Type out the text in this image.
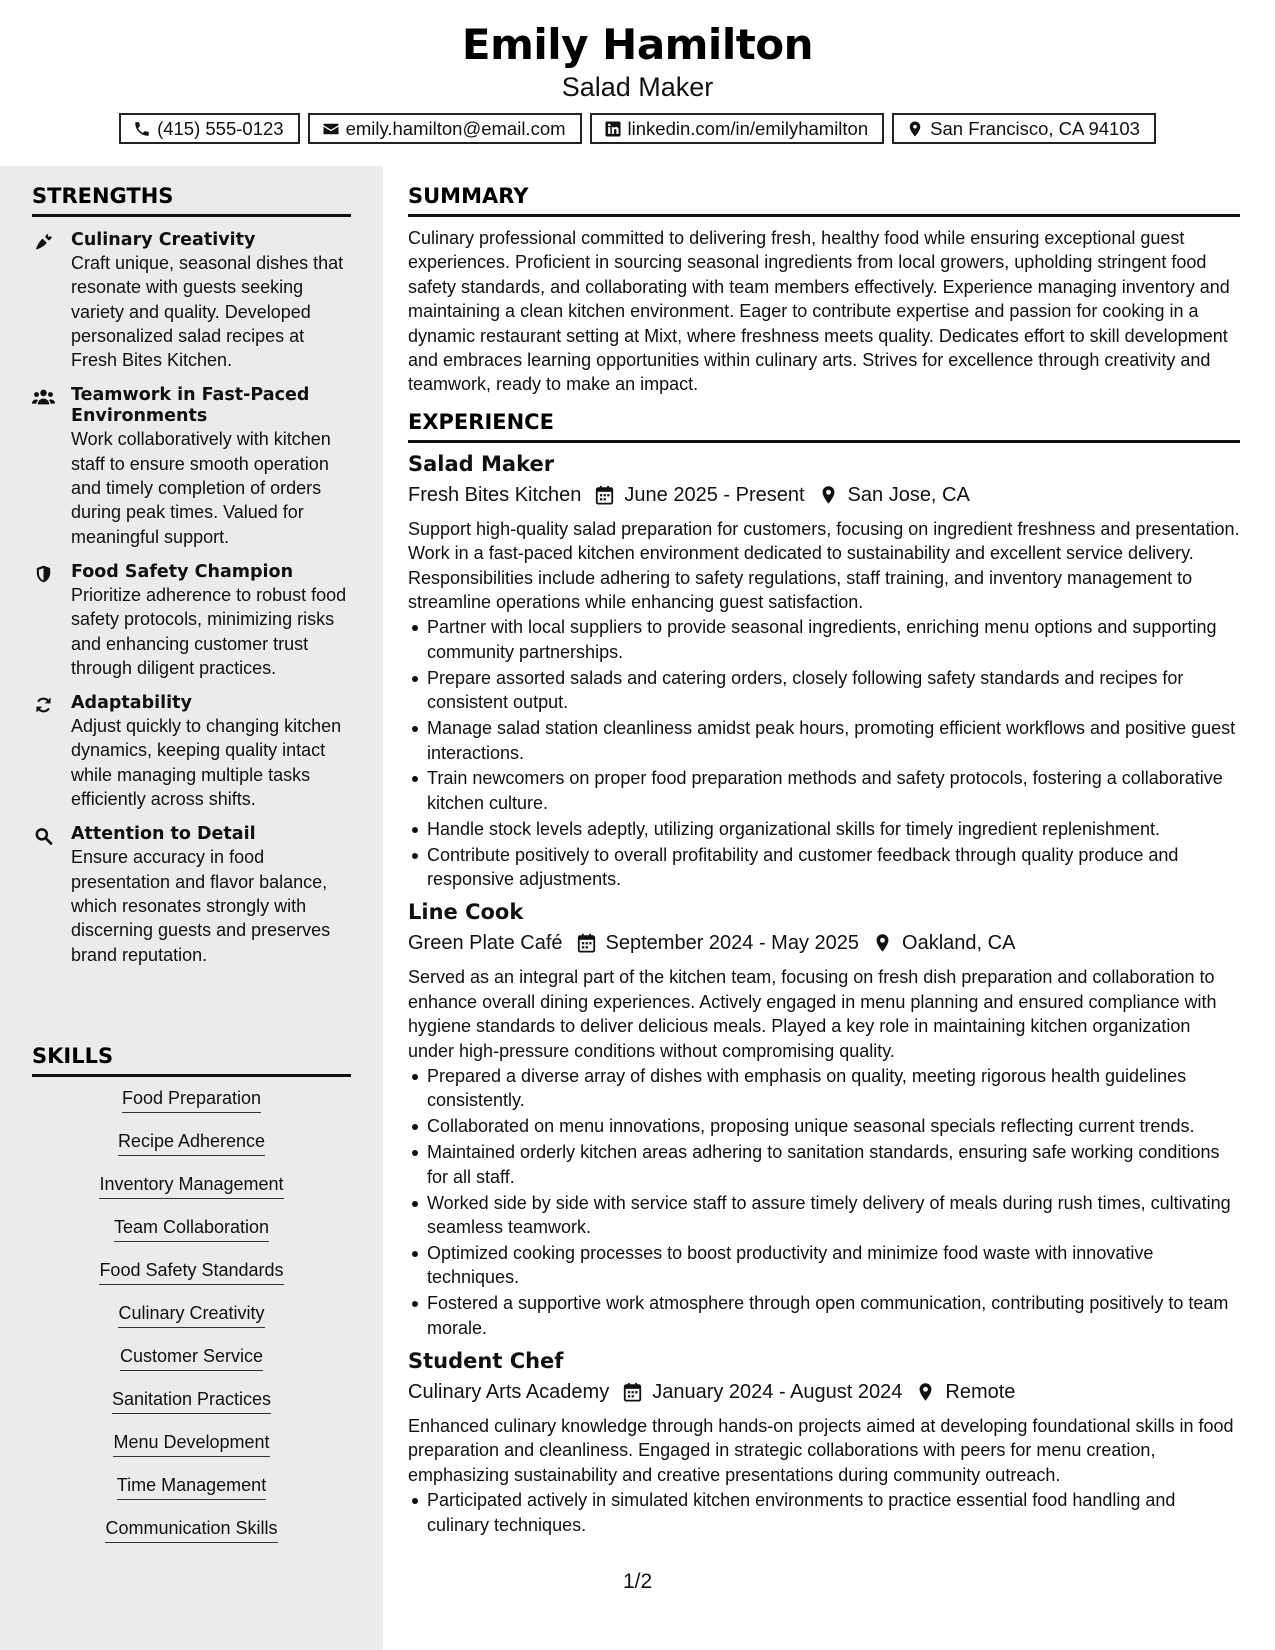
Emily Hamilton
Salad Maker
(415) 555-0123	emily.hamilton@email.com	linkedin.com/in/emilyhamilton	San Francisco, CA 94103
STRENGTHS
Culinary Creativity
Craft unique, seasonal dishes that resonate with guests seeking variety and quality. Developed personalized salad recipes at Fresh Bites Kitchen.
Teamwork in Fast-Paced Environments
Work collaboratively with kitchen staff to ensure smooth operation and timely completion of orders during peak times. Valued for meaningful support.
Food Safety Champion
Prioritize adherence to robust food safety protocols, minimizing risks and enhancing customer trust through diligent practices.
Adaptability
Adjust quickly to changing kitchen dynamics, keeping quality intact while managing multiple tasks efficiently across shifts.
Attention to Detail
Ensure accuracy in food presentation and flavor balance, which resonates strongly with discerning guests and preserves brand reputation.
SKILLS
Food Preparation
Recipe Adherence
Inventory Management
Team Collaboration
Food Safety Standards
Culinary Creativity
Customer Service
Sanitation Practices
Menu Development
Time Management
Communication Skills
SUMMARY
Culinary professional committed to delivering fresh, healthy food while ensuring exceptional guest experiences. Proficient in sourcing seasonal ingredients from local growers, upholding stringent food safety standards, and collaborating with team members effectively. Experience managing inventory and maintaining a clean kitchen environment. Eager to contribute expertise and passion for cooking in a dynamic restaurant setting at Mixt, where freshness meets quality. Dedicates effort to skill development and embraces learning opportunities within culinary arts. Strives for excellence through creativity and teamwork, ready to make an impact.
EXPERIENCE
Salad Maker
Fresh Bites Kitchen June 2025 - Present San Jose, CA
Support high-quality salad preparation for customers, focusing on ingredient freshness and presentation. Work in a fast-paced kitchen environment dedicated to sustainability and excellent service delivery. Responsibilities include adhering to safety regulations, staff training, and inventory management to streamline operations while enhancing guest satisfaction.
Partner with local suppliers to provide seasonal ingredients, enriching menu options and supporting community partnerships.
Prepare assorted salads and catering orders, closely following safety standards and recipes for consistent output.
Manage salad station cleanliness amidst peak hours, promoting efficient workflows and positive guest interactions.
Train newcomers on proper food preparation methods and safety protocols, fostering a collaborative kitchen culture.
Handle stock levels adeptly, utilizing organizational skills for timely ingredient replenishment.
Contribute positively to overall profitability and customer feedback through quality produce and responsive adjustments.
Line Cook
Green Plate Café September 2024 - May 2025 Oakland, CA
Served as an integral part of the kitchen team, focusing on fresh dish preparation and collaboration to enhance overall dining experiences. Actively engaged in menu planning and ensured compliance with hygiene standards to deliver delicious meals. Played a key role in maintaining kitchen organization under high-pressure conditions without compromising quality.
Prepared a diverse array of dishes with emphasis on quality, meeting rigorous health guidelines consistently.
Collaborated on menu innovations, proposing unique seasonal specials reflecting current trends.
Maintained orderly kitchen areas adhering to sanitation standards, ensuring safe working conditions for all staff.
Worked side by side with service staff to assure timely delivery of meals during rush times, cultivating seamless teamwork.
Optimized cooking processes to boost productivity and minimize food waste with innovative techniques.
Fostered a supportive work atmosphere through open communication, contributing positively to team morale.
Student Chef
Culinary Arts Academy January 2024 - August 2024 Remote
Enhanced culinary knowledge through hands-on projects aimed at developing foundational skills in food preparation and cleanliness. Engaged in strategic collaborations with peers for menu creation, emphasizing sustainability and creative presentations during community outreach.
Participated actively in simulated kitchen environments to practice essential food handling and culinary techniques.
1/2
